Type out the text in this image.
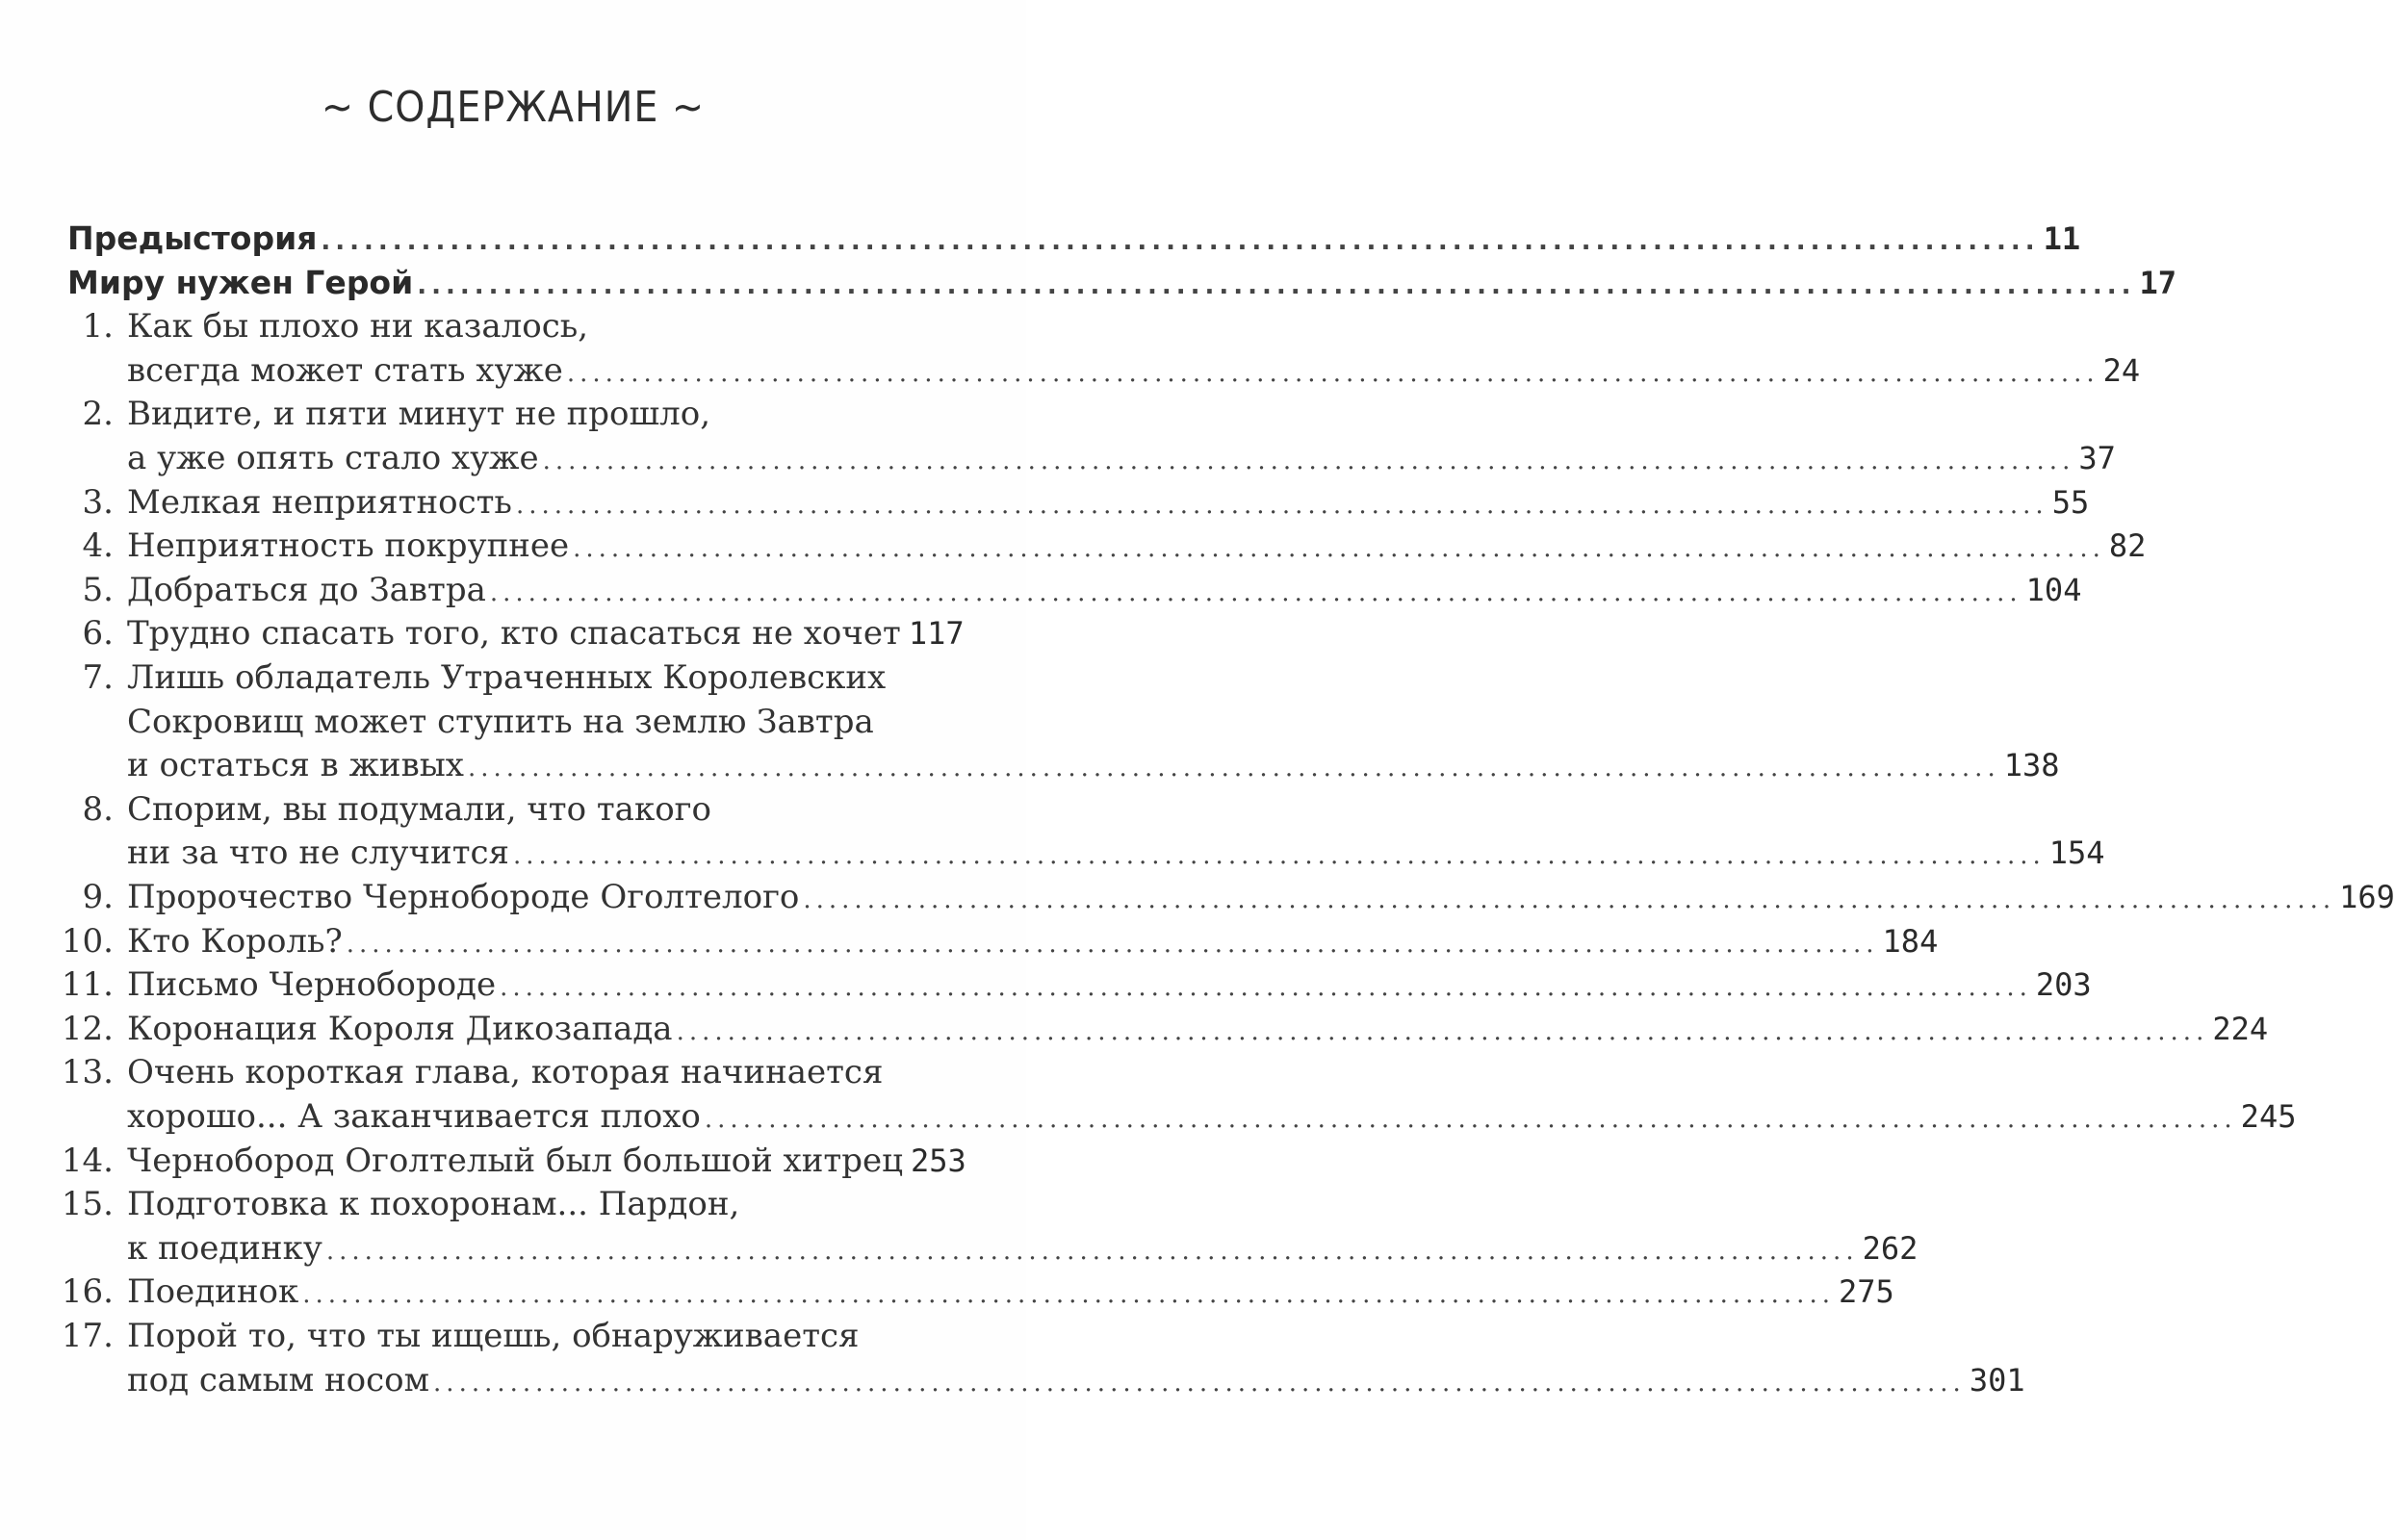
~ СОДЕРЖАНИЕ ~
Предыстория ........................................................................................................................ 11
Миру нужен Герой ........................................................................................................................ 17
1. Как бы плохо ни казалось,
всегда может стать хуже ........................................................................................................................ 24
2. Видите, и пяти минут не прошло,
а уже опять стало хуже ........................................................................................................................ 37
3. Мелкая неприятность ........................................................................................................................ 55
4. Неприятность покрупнее ........................................................................................................................ 82
5. Добраться до Завтра ........................................................................................................................ 104
6. Трудно спасать того, кто спасаться не хочет 117
7. Лишь обладатель Утраченных Королевских
Сокровищ может ступить на землю Завтра
и остаться в живых ........................................................................................................................ 138
8. Спорим, вы подумали, что такого
ни за что не случится ........................................................................................................................ 154
9. Пророчество Чернобороде Оголтелого ........................................................................................................................ 169
10. Кто Король? ........................................................................................................................ 184
11. Письмо Чернобороде ........................................................................................................................ 203
12. Коронация Короля Дикозапада ........................................................................................................................ 224
13. Очень короткая глава, которая начинается
хорошо... А заканчивается плохо ........................................................................................................................ 245
14. Чернобород Оголтелый был большой хитрец 253
15. Подготовка к похоронам... Пардон,
к поединку ........................................................................................................................ 262
16. Поединок ........................................................................................................................ 275
17. Порой то, что ты ищешь, обнаруживается
под самым носом ........................................................................................................................ 301
